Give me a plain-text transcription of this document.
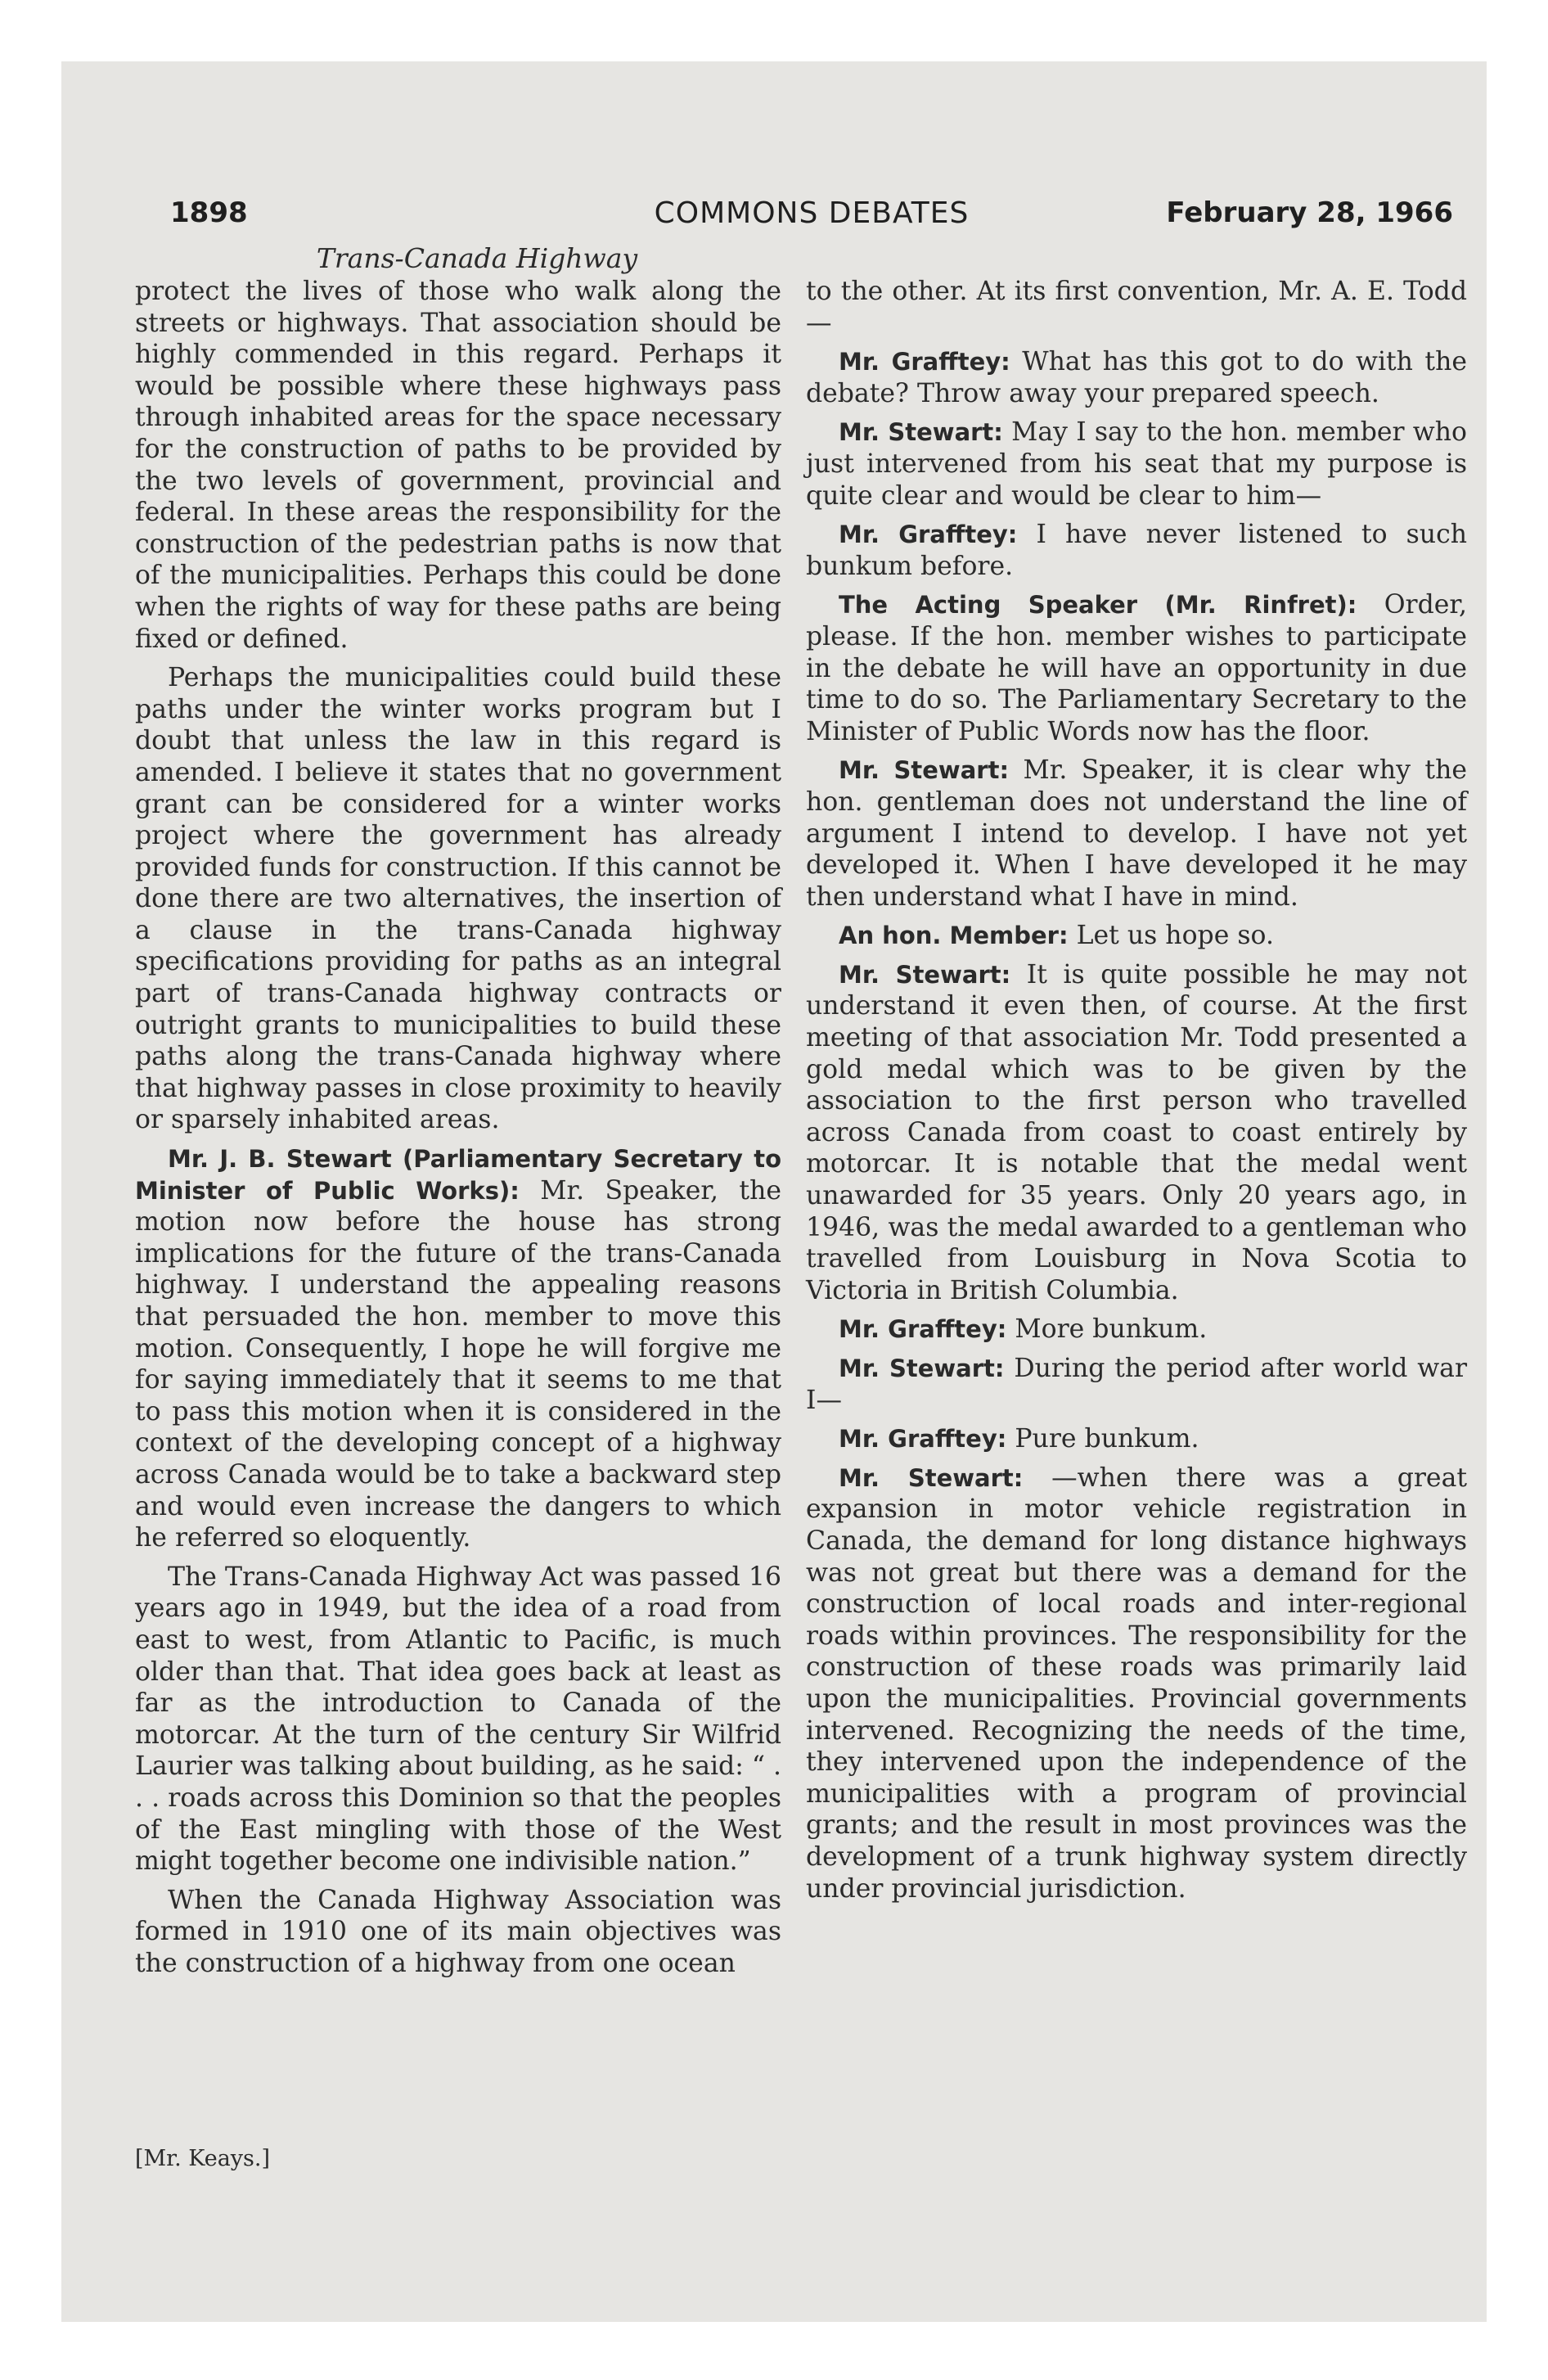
1898	COMMONS DEBATES	February 28, 1966
Trans-Canada Highway

protect the lives of those who walk along the streets or highways. That association should be highly commended in this regard. Perhaps it would be possible where these highways pass through inhabited areas for the space necessary for the construction of paths to be provided by the two levels of government, provincial and federal. In these areas the responsibility for the construction of the pedestrian paths is now that of the municipalities. Perhaps this could be done when the rights of way for these paths are being fixed or defined.

Perhaps the municipalities could build these paths under the winter works program but I doubt that unless the law in this regard is amended. I believe it states that no government grant can be considered for a winter works project where the government has already provided funds for construction. If this cannot be done there are two alternatives, the insertion of a clause in the trans-Canada highway specifications providing for paths as an integral part of trans-Canada highway contracts or outright grants to municipalities to build these paths along the trans-Canada highway where that highway passes in close proximity to heavily or sparsely inhabited areas.

Mr. J. B. Stewart (Parliamentary Secretary to Minister of Public Works): Mr. Speaker, the motion now before the house has strong implications for the future of the trans-Canada highway. I understand the appealing reasons that persuaded the hon. member to move this motion. Consequently, I hope he will forgive me for saying immediately that it seems to me that to pass this motion when it is considered in the context of the developing concept of a highway across Canada would be to take a backward step and would even increase the dangers to which he referred so eloquently.

The Trans-Canada Highway Act was passed 16 years ago in 1949, but the idea of a road from east to west, from Atlantic to Pacific, is much older than that. That idea goes back at least as far as the introduction to Canada of the motorcar. At the turn of the century Sir Wilfrid Laurier was talking about building, as he said: “ . . . roads across this Dominion so that the peoples of the East mingling with those of the West might together become one indivisible nation.”

When the Canada Highway Association was formed in 1910 one of its main objectives was the construction of a highway from one ocean

to the other. At its first convention, Mr. A. E. Todd—

Mr. Grafftey: What has this got to do with the debate? Throw away your prepared speech.

Mr. Stewart: May I say to the hon. member who just intervened from his seat that my purpose is quite clear and would be clear to him—

Mr. Grafftey: I have never listened to such bunkum before.

The Acting Speaker (Mr. Rinfret): Order, please. If the hon. member wishes to participate in the debate he will have an opportunity in due time to do so. The Parliamentary Secretary to the Minister of Public Words now has the floor.

Mr. Stewart: Mr. Speaker, it is clear why the hon. gentleman does not understand the line of argument I intend to develop. I have not yet developed it. When I have developed it he may then understand what I have in mind.

An hon. Member: Let us hope so.

Mr. Stewart: It is quite possible he may not understand it even then, of course. At the first meeting of that association Mr. Todd presented a gold medal which was to be given by the association to the first person who travelled across Canada from coast to coast entirely by motorcar. It is notable that the medal went unawarded for 35 years. Only 20 years ago, in 1946, was the medal awarded to a gentleman who travelled from Louisburg in Nova Scotia to Victoria in British Columbia.

Mr. Grafftey: More bunkum.

Mr. Stewart: During the period after world war I—

Mr. Grafftey: Pure bunkum.

Mr. Stewart: —when there was a great expansion in motor vehicle registration in Canada, the demand for long distance highways was not great but there was a demand for the construction of local roads and inter-regional roads within provinces. The responsibility for the construction of these roads was primarily laid upon the municipalities. Provincial governments intervened. Recognizing the needs of the time, they intervened upon the independence of the municipalities with a program of provincial grants; and the result in most provinces was the development of a trunk highway system directly under provincial jurisdiction.

[Mr. Keays.]
